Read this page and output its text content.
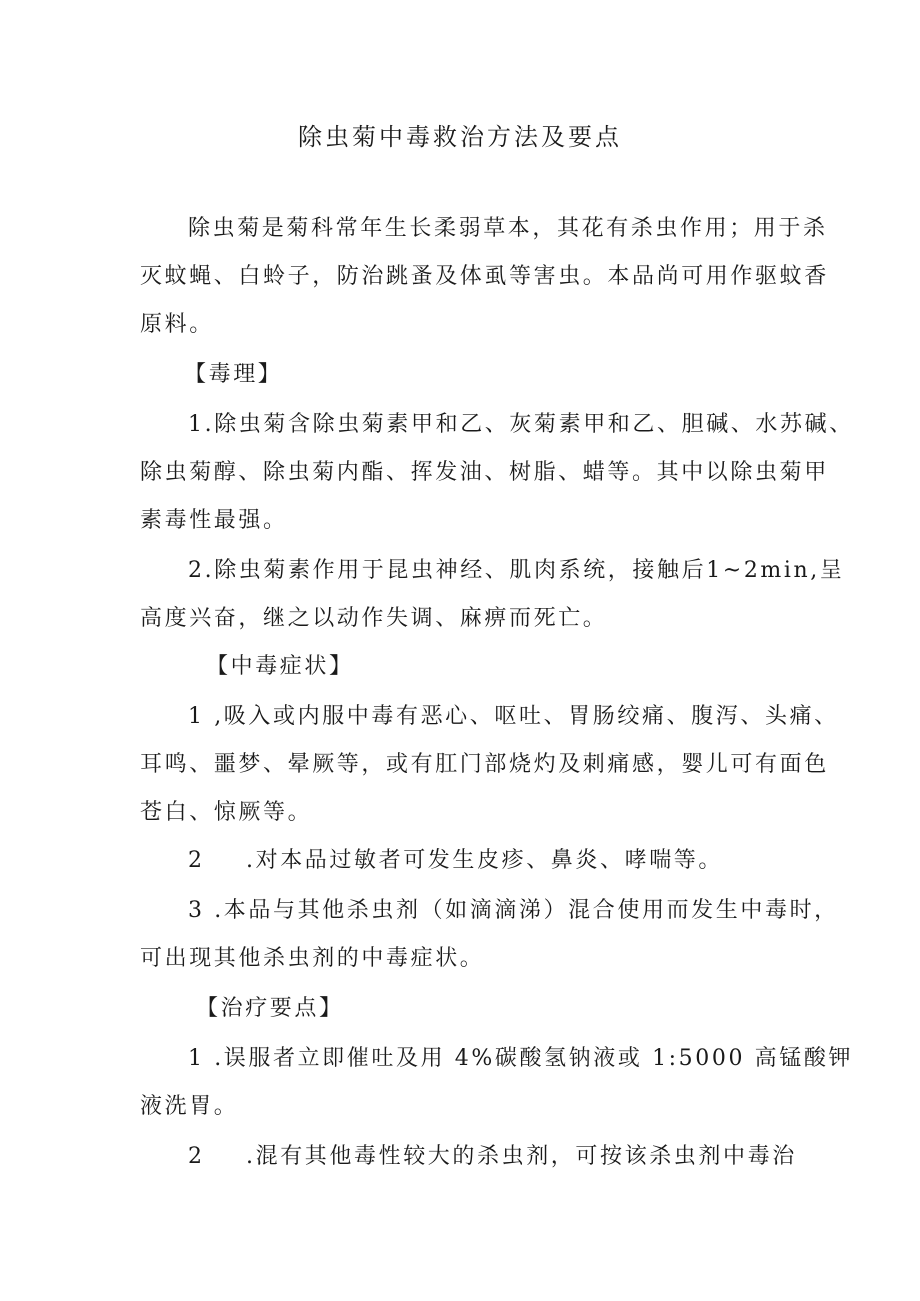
除虫菊中毒救治方法及要点
除虫菊是菊科常年生长柔弱草本，其花有杀虫作用；用于杀
灭蚊蝇、白蛉子，防治跳蚤及体虱等害虫。本品尚可用作驱蚊香
原料。
【毒理】
1.除虫菊含除虫菊素甲和乙、灰菊素甲和乙、胆碱、水苏碱、
除虫菊醇、除虫菊内酯、挥发油、树脂、蜡等。其中以除虫菊甲
素毒性最强。
2.除虫菊素作用于昆虫神经、肌肉系统，接触后1~2min,呈
高度兴奋，继之以动作失调、麻痹而死亡。
【中毒症状】
1 ,吸入或内服中毒有恶心、呕吐、胃肠绞痛、腹泻、头痛、
耳鸣、噩梦、晕厥等，或有肛门部烧灼及刺痛感，婴儿可有面色
苍白、惊厥等。
2 .对本品过敏者可发生皮疹、鼻炎、哮喘等。
3 .本品与其他杀虫剂（如滴滴涕）混合使用而发生中毒时，
可出现其他杀虫剂的中毒症状。
【治疗要点】
1 .误服者立即催吐及用 4%碳酸氢钠液或 1:5000 高锰酸钾
液洗胃。
2 .混有其他毒性较大的杀虫剂，可按该杀虫剂中毒治
